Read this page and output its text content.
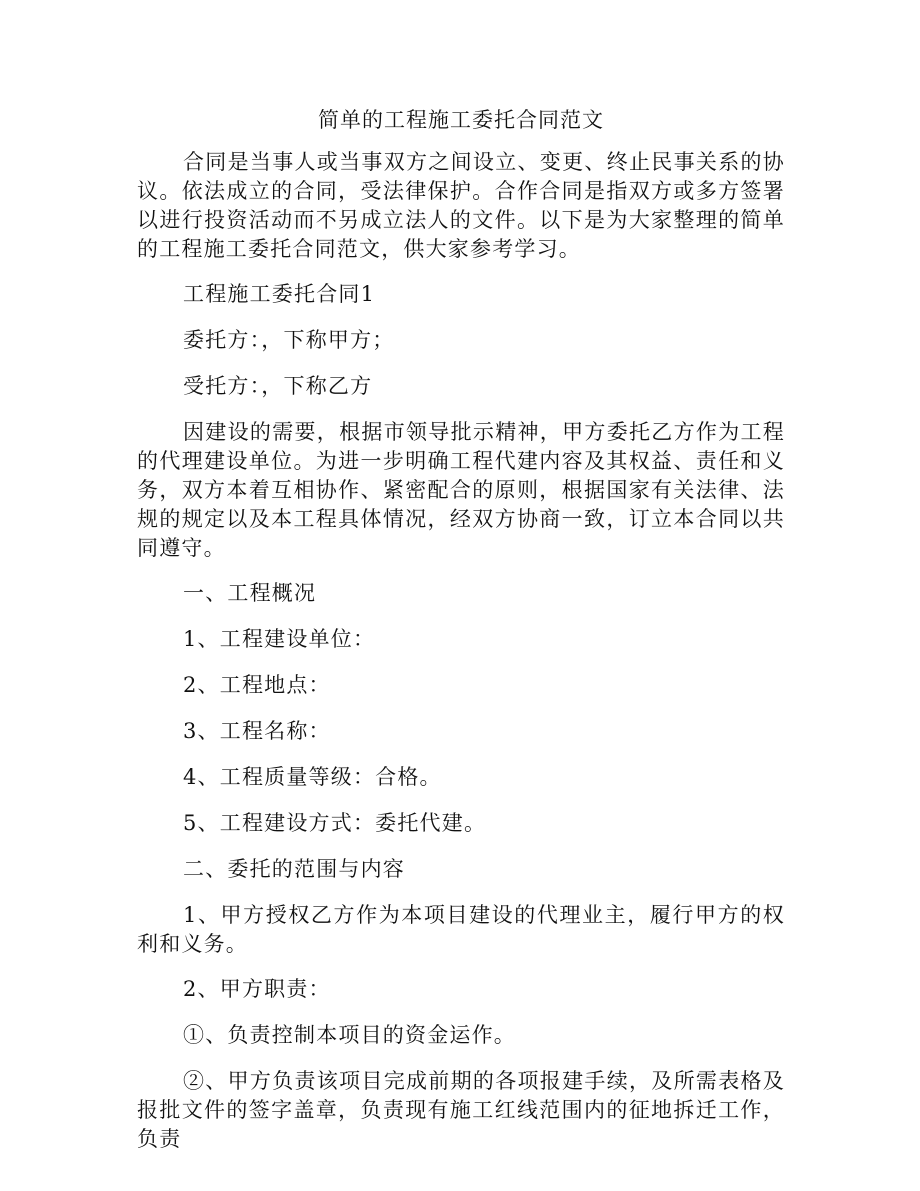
简单的工程施工委托合同范文

合同是当事人或当事双方之间设立、变更、终止民事关系的协议。依法成立的合同，受法律保护。合作合同是指双方或多方签署以进行投资活动而不另成立法人的文件。以下是为大家整理的简单的工程施工委托合同范文，供大家参考学习。

工程施工委托合同1

委托方：，下称甲方；

受托方：，下称乙方

因建设的需要，根据市领导批示精神，甲方委托乙方作为工程的代理建设单位。为进一步明确工程代建内容及其权益、责任和义务，双方本着互相协作、紧密配合的原则，根据国家有关法律、法规的规定以及本工程具体情况，经双方协商一致，订立本合同以共同遵守。

一、工程概况

1、工程建设单位：

2、工程地点：

3、工程名称：

4、工程质量等级：合格。

5、工程建设方式：委托代建。

二、委托的范围与内容

1、甲方授权乙方作为本项目建设的代理业主，履行甲方的权利和义务。

2、甲方职责：

①、负责控制本项目的资金运作。

②、甲方负责该项目完成前期的各项报建手续，及所需表格及报批文件的签字盖章，负责现有施工红线范围内的征地拆迁工作，负责
